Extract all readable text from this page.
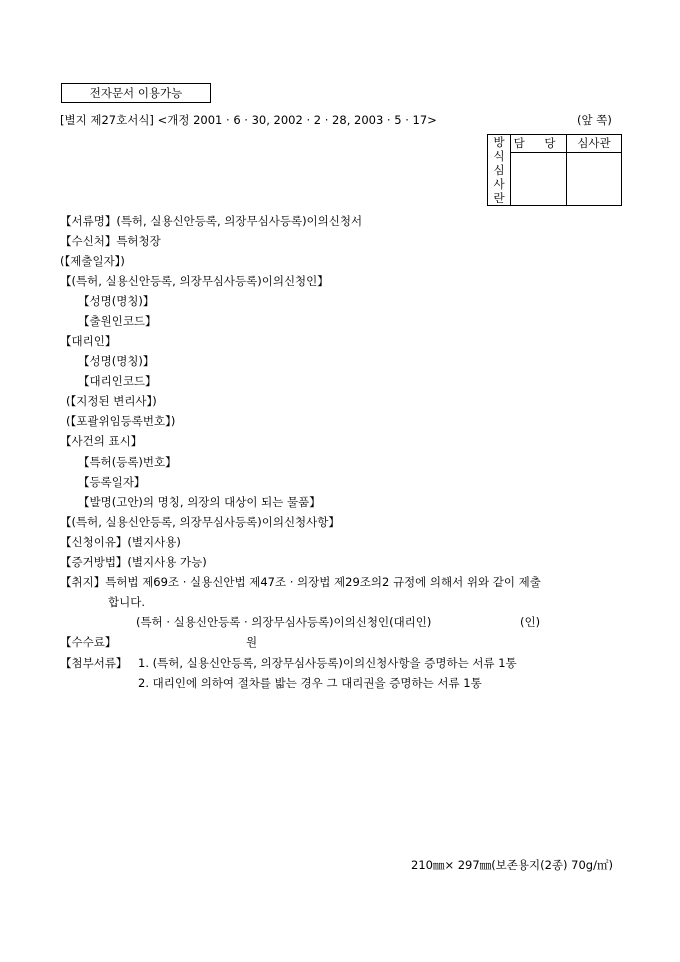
전자문서 이용가능
[별지 제27호서식] <개정 2001 · 6 · 30, 2002 · 2 · 28, 2003 · 5 · 17>	(앞 쪽)
방
식
심
사
란	담 당	심사관

【서류명】(특허, 실용신안등록, 의장무심사등록)이의신청서
【수신처】특허청장
(【제출일자】)
【(특허, 실용신안등록, 의장무심사등록)이의신청인】
【성명(명칭)】
【출원인코드】
【대리인】
【성명(명칭)】
【대리인코드】
(【지정된 변리사】)
(【포괄위임등록번호】)
【사건의 표시】
【특허(등록)번호】
【등록일자】
【발명(고안)의 명칭, 의장의 대상이 되는 물품】
【(특허, 실용신안등록, 의장무심사등록)이의신청사항】
【신청이유】(별지사용)
【증거방법】(별지사용 가능)
【취지】특허법 제69조 · 실용신안법 제47조 · 의장법 제29조의2 규정에 의해서 위와 같이 제출
합니다.
(특허 · 실용신안등록 · 의장무심사등록)이의신청인(대리인)	(인)
【수수료】	원
【첨부서류】 1. (특허, 실용신안등록, 의장무심사등록)이의신청사항을 증명하는 서류 1통
2. 대리인에 의하여 절차를 밟는 경우 그 대리권을 증명하는 서류 1통
210㎜× 297㎜(보존용지(2종) 70g/㎡)
